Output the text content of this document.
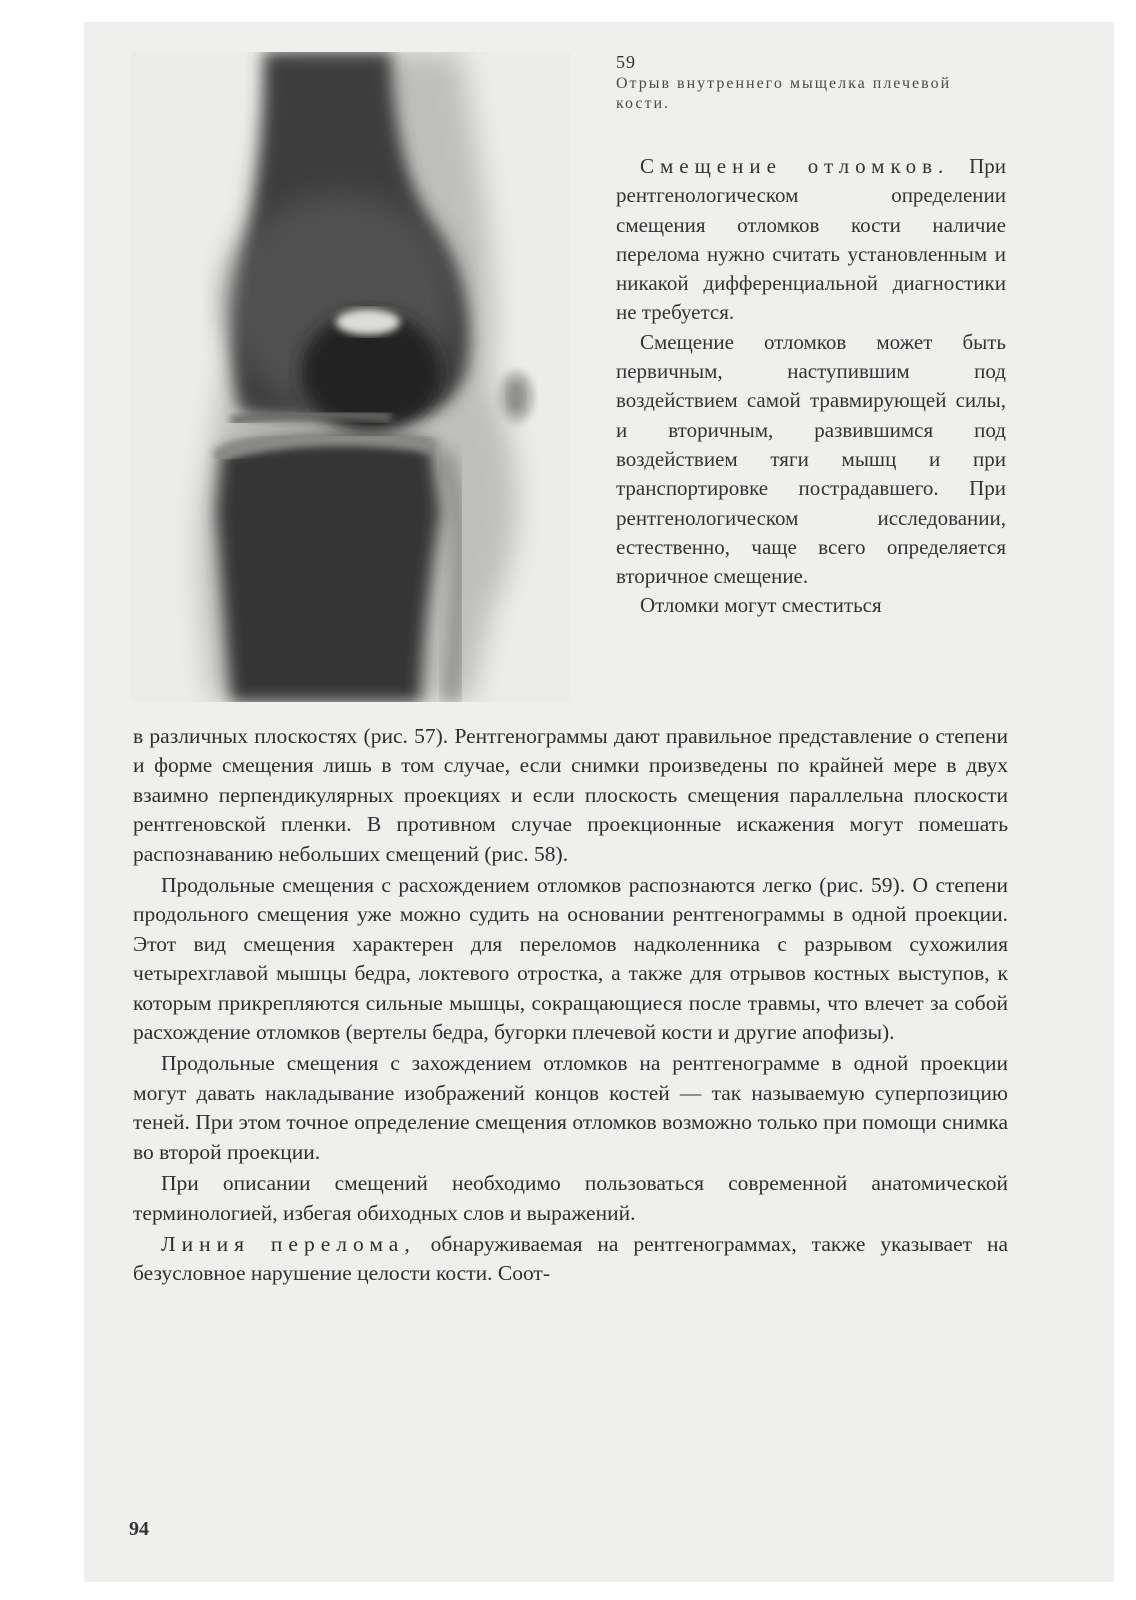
59
Отрыв внутреннего мыщелка плечевой кости.

Смещение отломков. При рентгенологическом определении смещения отломков кости наличие перелома нужно считать установленным и никакой дифференциальной диагностики не требуется.

Смещение отломков может быть первичным, наступившим под воздействием самой травмирующей силы, и вторичным, развившимся под воздействием тяги мышц и при транспортировке пострадавшего. При рентгенологическом исследовании, естественно, чаще всего определяется вторичное смещение.

Отломки могут сместиться

в различных плоскостях (рис. 57). Рентгенограммы дают правильное представление о степени и форме смещения лишь в том случае, если снимки произведены по крайней мере в двух взаимно перпендикулярных проекциях и если плоскость смещения параллельна плоскости рентгеновской пленки. В противном случае проекционные искажения могут помешать распознаванию небольших смещений (рис. 58).

Продольные смещения с расхождением отломков распознаются легко (рис. 59). О степени продольного смещения уже можно судить на основании рентгенограммы в одной проекции. Этот вид смещения характерен для переломов надколенника с разрывом сухожилия четырехглавой мышцы бедра, локтевого отростка, а также для отрывов костных выступов, к которым прикрепляются сильные мышцы, сокращающиеся после травмы, что влечет за собой расхождение отломков (вертелы бедра, бугорки плечевой кости и другие апофизы).

Продольные смещения с захождением отломков на рентгенограмме в одной проекции могут давать накладывание изображений концов костей — так называемую суперпозицию теней. При этом точное определение смещения отломков возможно только при помощи снимка во второй проекции.

При описании смещений необходимо пользоваться современной анатомической терминологией, избегая обиходных слов и выражений.

Линия перелома, обнаруживаемая на рентгенограммах, также указывает на безусловное нарушение целости кости. Соот-

94
